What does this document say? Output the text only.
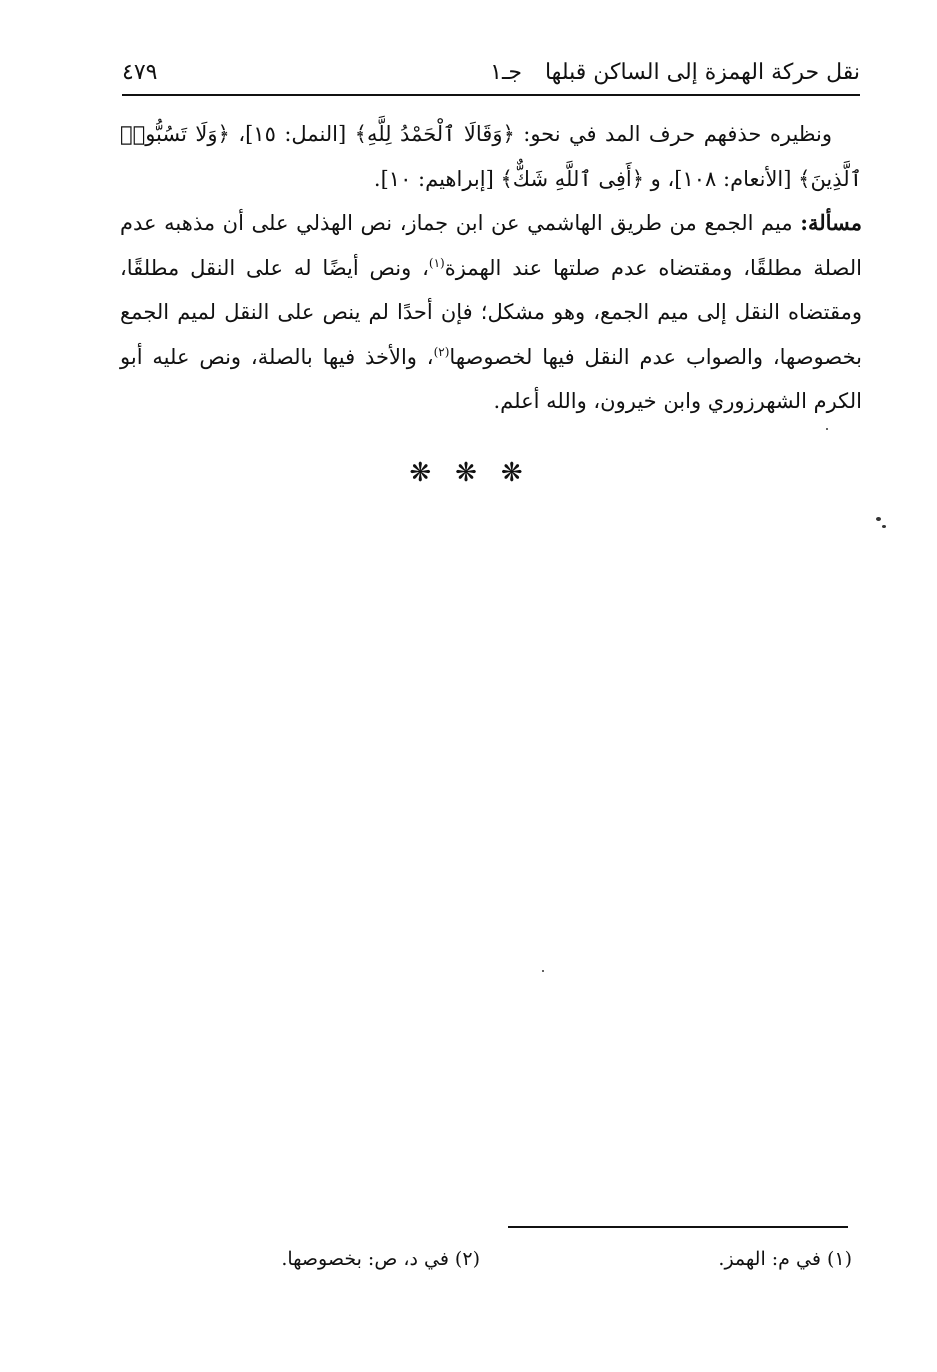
نقل حركة الهمزة إلى الساكن قبلها
جـ١
٤٧٩

ونظيره حذفهم حرف المد في نحو: ﴿وَقَالَا ٱلْحَمْدُ لِلَّهِ﴾ [النمل: ١٥]، ﴿وَلَا تَسُبُّوا۟ ٱلَّذِينَ﴾ [الأنعام: ١٠٨]، و ﴿أَفِى ٱللَّهِ شَكٌّ﴾ [إبراهيم: ١٠].

مسألة: ميم الجمع من طريق الهاشمي عن ابن جماز، نص الهذلي على أن مذهبه عدم الصلة مطلقًا، ومقتضاه عدم صلتها عند الهمزة$^{(١)}$، ونص أيضًا له على النقل مطلقًا، ومقتضاه النقل إلى ميم الجمع، وهو مشكل؛ فإن أحدًا لم ينص على النقل لميم الجمع بخصوصها، والصواب عدم النقل فيها لخصوصها$^{(٢)}$، والأخذ فيها بالصلة، ونص عليه أبو الكرم الشهرزوري وابن خيرون، والله أعلم.

❋❋❋
(١) في م: الهمز.
(٢) في د، ص: بخصوصها.
